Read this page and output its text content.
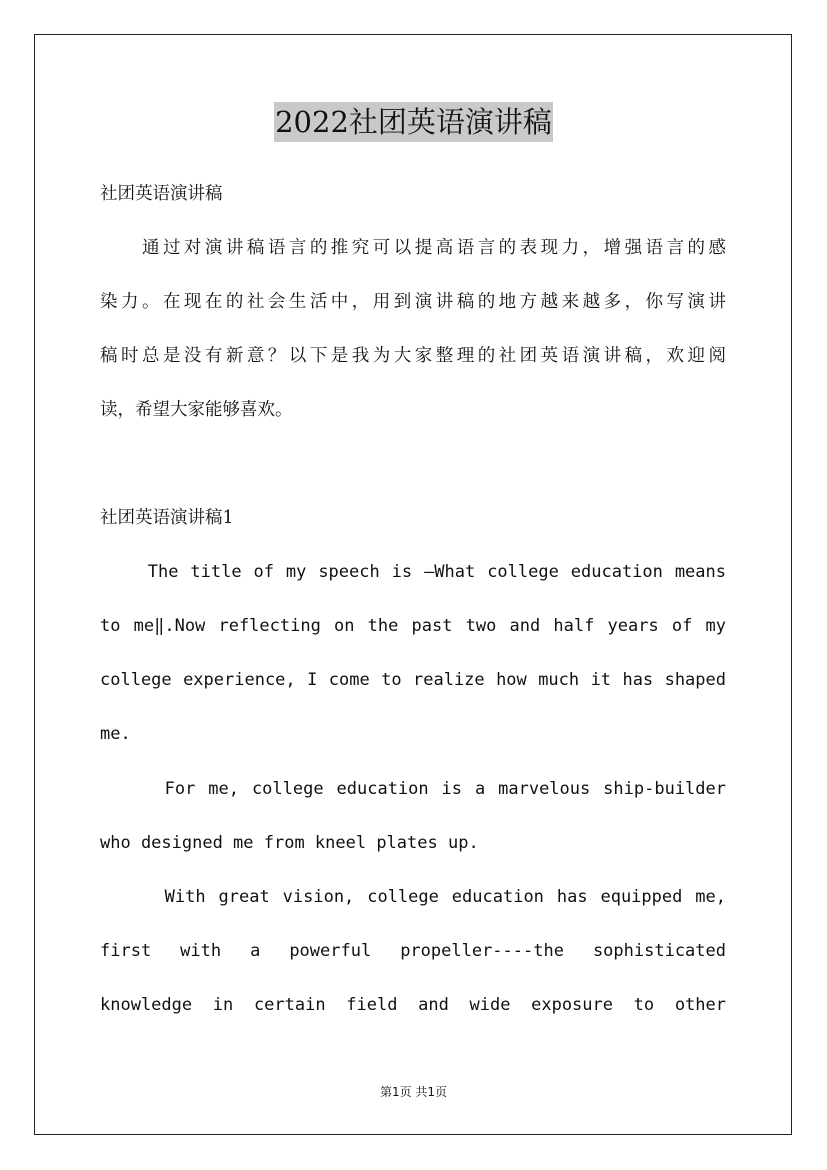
2022社团英语演讲稿
社团英语演讲稿
　　通过对演讲稿语言的推究可以提高语言的表现力，增强语言的感
染力。在现在的社会生活中，用到演讲稿的地方越来越多，你写演讲
稿时总是没有新意？以下是我为大家整理的社团英语演讲稿，欢迎阅
读，希望大家能够喜欢。
社团英语演讲稿1
The title of my speech is —What college education means
to me‖.Now reflecting on the past two and half years of my
college experience, I come to realize how much it has shaped
me.
For me, college education is a marvelous ship-builder
who designed me from kneel plates up.
With great vision, college education has equipped me,
first with a powerful propeller----the sophisticated
knowledge in certain field and wide exposure to other
第1页 共1页
